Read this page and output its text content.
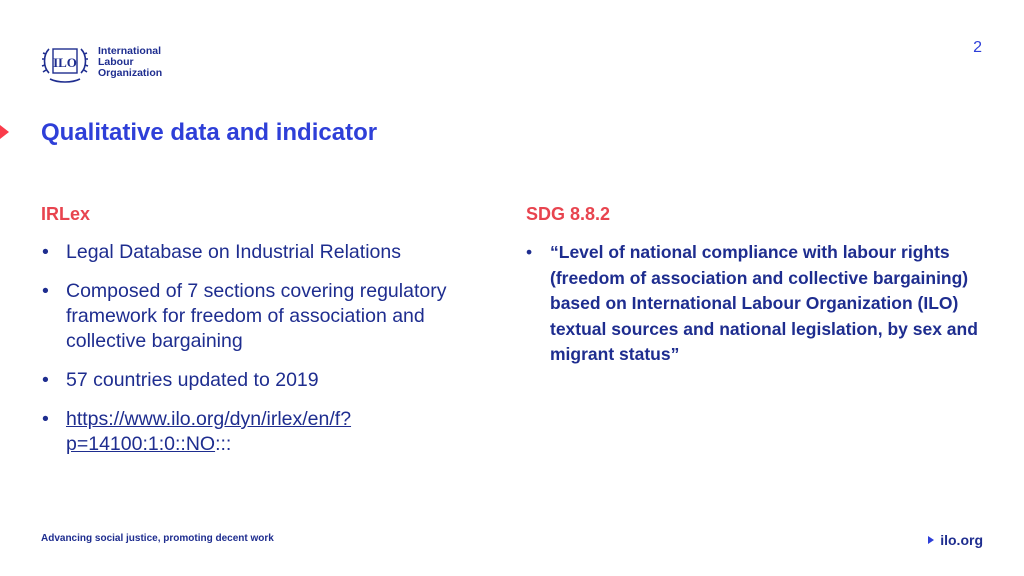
2
ILO
International
Labour
Organization
Qualitative data and indicator
IRLex
• Legal Database on Industrial Relations
• Composed of 7 sections covering regulatory framework for freedom of association and collective bargaining
• 57 countries updated to 2019
• https://www.ilo.org/dyn/irlex/en/f?p=14100:1:0::NO:::
SDG 8.8.2
• “Level of national compliance with labour rights (freedom of association and collective bargaining) based on International Labour Organization (ILO) textual sources and national legislation, by sex and migrant status”
Advancing social justice, promoting decent work	ilo.org
